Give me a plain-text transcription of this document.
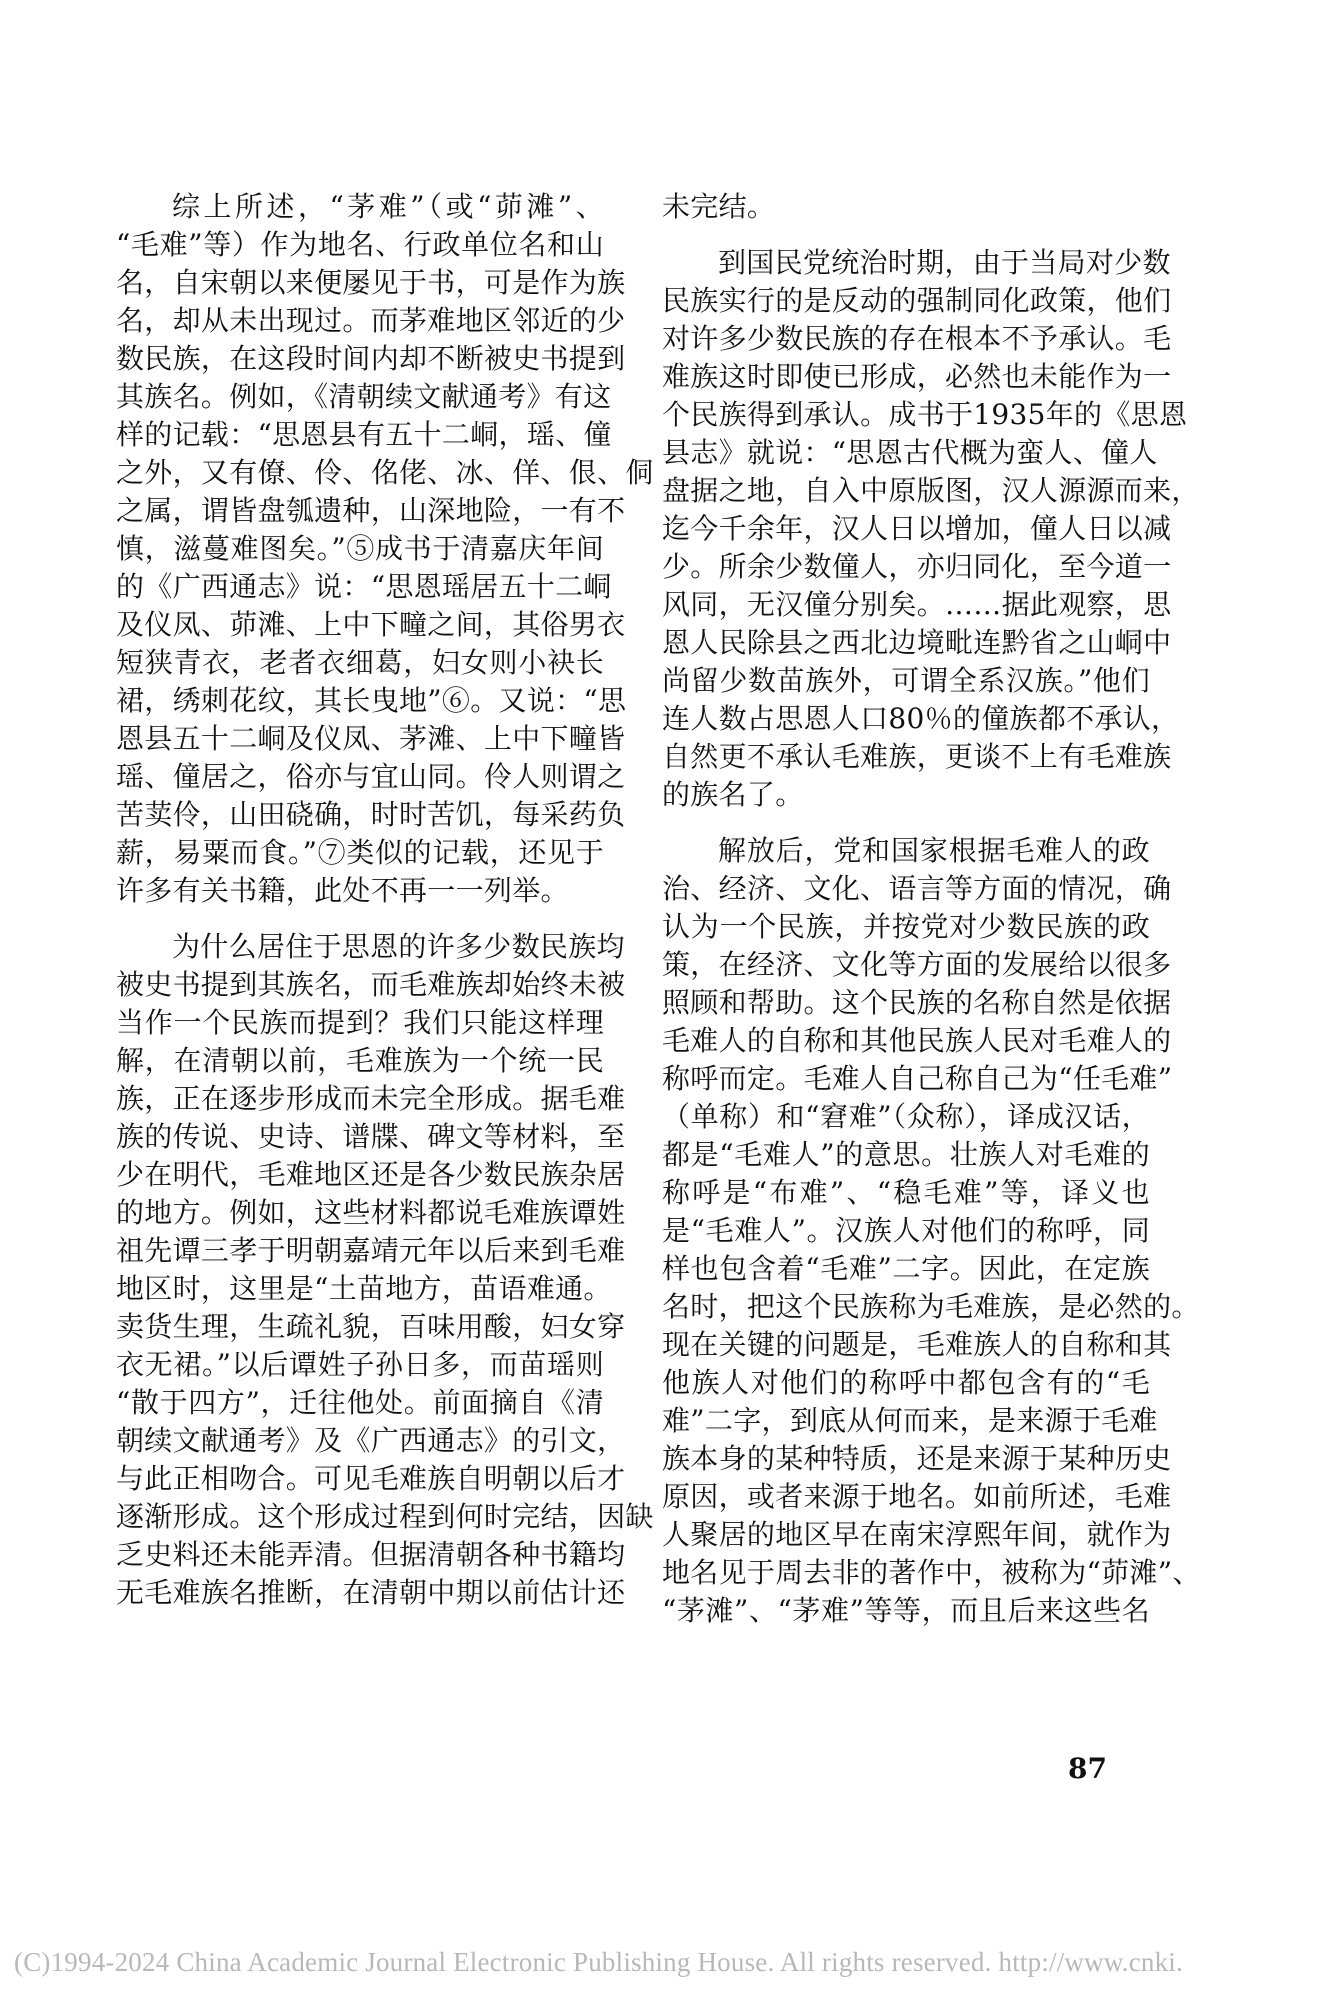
综上所述，“茅难”（或“茆滩”、
“毛难”等）作为地名、行政单位名和山
名，自宋朝以来便屡见于书，可是作为族
名，却从未出现过。而茅难地区邻近的少
数民族，在这段时间内却不断被史书提到
其族名。例如，《清朝续文献通考》有这
样的记载：“思恩县有五十二峒，瑶、僮
之外，又有僚、伶、佲佬、冰、佯、佷、侗
之属，谓皆盘瓠遗种，山深地险，一有不
慎，滋蔓难图矣。”⑤成书于清嘉庆年间
的《广西通志》说：“思恩瑶居五十二峒
及仪凤、茆滩、上中下疃之间，其俗男衣
短狭青衣，老者衣细葛，妇女则小袂长
裙，绣刺花纹，其长曳地”⑥。又说：“思
恩县五十二峒及仪凤、茅滩、上中下疃皆
瑶、僮居之，俗亦与宜山同。伶人则谓之
苦荬伶，山田硗确，时时苦饥，每采药负
薪，易粟而食。”⑦类似的记载，还见于
许多有关书籍，此处不再一一列举。
为什么居住于思恩的许多少数民族均
被史书提到其族名，而毛难族却始终未被
当作一个民族而提到？我们只能这样理
解，在清朝以前，毛难族为一个统一民
族，正在逐步形成而未完全形成。据毛难
族的传说、史诗、谱牒、碑文等材料，至
少在明代，毛难地区还是各少数民族杂居
的地方。例如，这些材料都说毛难族谭姓
祖先谭三孝于明朝嘉靖元年以后来到毛难
地区时，这里是“土苗地方，苗语难通。
卖货生理，生疏礼貌，百味用酸，妇女穿
衣无裙。”以后谭姓子孙日多，而苗瑶则
“散于四方”，迁往他处。前面摘自《清
朝续文献通考》及《广西通志》的引文，
与此正相吻合。可见毛难族自明朝以后才
逐渐形成。这个形成过程到何时完结，因缺
乏史料还未能弄清。但据清朝各种书籍均
无毛难族名推断，在清朝中期以前估计还
未完结。
到国民党统治时期，由于当局对少数
民族实行的是反动的强制同化政策，他们
对许多少数民族的存在根本不予承认。毛
难族这时即使已形成，必然也未能作为一
个民族得到承认。成书于1935年的《思恩
县志》就说：“思恩古代概为蛮人、僮人
盘据之地，自入中原版图，汉人源源而来，
迄今千余年，汉人日以增加，僮人日以减
少。所余少数僮人，亦归同化，至今道一
风同，无汉僮分别矣。……据此观察，思
恩人民除县之西北边境毗连黔省之山峒中
尚留少数苗族外，可谓全系汉族。”他们
连人数占思恩人口80％的僮族都不承认，
自然更不承认毛难族，更谈不上有毛难族
的族名了。
解放后，党和国家根据毛难人的政
治、经济、文化、语言等方面的情况，确
认为一个民族，并按党对少数民族的政
策，在经济、文化等方面的发展给以很多
照顾和帮助。这个民族的名称自然是依据
毛难人的自称和其他民族人民对毛难人的
称呼而定。毛难人自己称自己为“任毛难”
（单称）和“窘难”（众称），译成汉话，
都是“毛难人”的意思。壮族人对毛难的
称呼是“布难”、“稳毛难”等，译义也
是“毛难人”。汉族人对他们的称呼，同
样也包含着“毛难”二字。因此，在定族
名时，把这个民族称为毛难族，是必然的。
现在关键的问题是，毛难族人的自称和其
他族人对他们的称呼中都包含有的“毛
难”二字，到底从何而来，是来源于毛难
族本身的某种特质，还是来源于某种历史
原因，或者来源于地名。如前所述，毛难
人聚居的地区早在南宋淳熙年间，就作为
地名见于周去非的著作中，被称为“茆滩”、
“茅滩”、“茅难”等等，而且后来这些名
87
(C)1994-2024 China Academic Journal Electronic Publishing House. All rights reserved. http://www.cnki.
